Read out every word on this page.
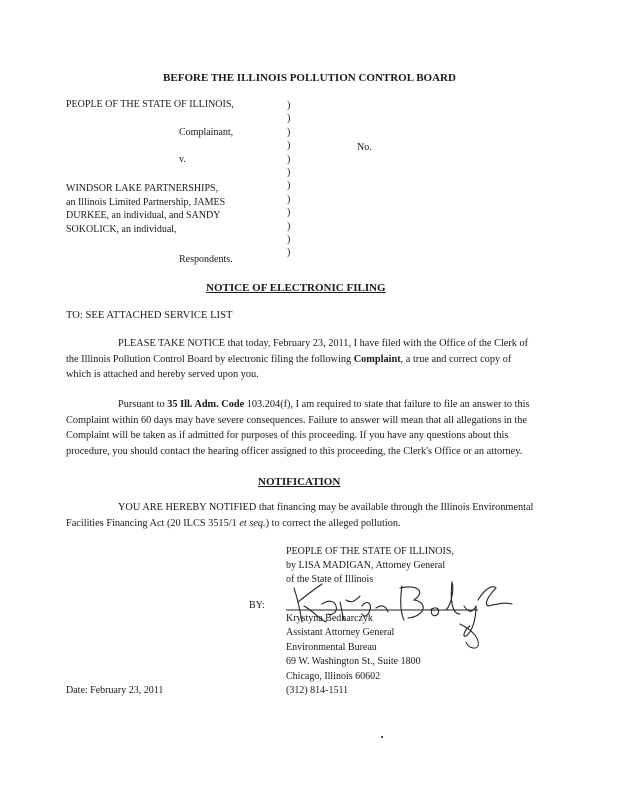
BEFORE THE ILLINOIS POLLUTION CONTROL BOARD
PEOPLE OF THE STATE OF ILLINOIS,
Complainant,
v.
No.
WINDSOR LAKE PARTNERSHIPS,
an Illinois Limited Partnership, JAMES
DURKEE, an individual, and SANDY
SOKOLICK, an individual,
Respondents.
)
)
)
)
)
)
)
)
)
)
)
)
NOTICE OF ELECTRONIC FILING
TO: SEE ATTACHED SERVICE LIST
PLEASE TAKE NOTICE that today, February 23, 2011, I have filed with the Office of the Clerk of the Illinois Pollution Control Board by electronic filing the following Complaint, a true and correct copy of which is attached and hereby served upon you.
Pursuant to 35 Ill. Adm. Code 103.204(f), I am required to state that failure to file an answer to this Complaint within 60 days may have severe consequences. Failure to answer will mean that all allegations in the Complaint will be taken as if admitted for purposes of this proceeding. If you have any questions about this procedure, you should contact the hearing officer assigned to this proceeding, the Clerk's Office or an attorney.
NOTIFICATION
YOU ARE HEREBY NOTIFIED that financing may be available through the Illinois Environmental Facilities Financing Act (20 ILCS 3515/1 et seq.) to correct the alleged pollution.
PEOPLE OF THE STATE OF ILLINOIS,
by LISA MADIGAN, Attorney General
of the State of Illinois
BY:
Krystyna Bednarczyk
Assistant Attorney General
Environmental Bureau
69 W. Washington St., Suite 1800
Chicago, Illinois 60602
(312) 814-1511
Date: February 23, 2011
